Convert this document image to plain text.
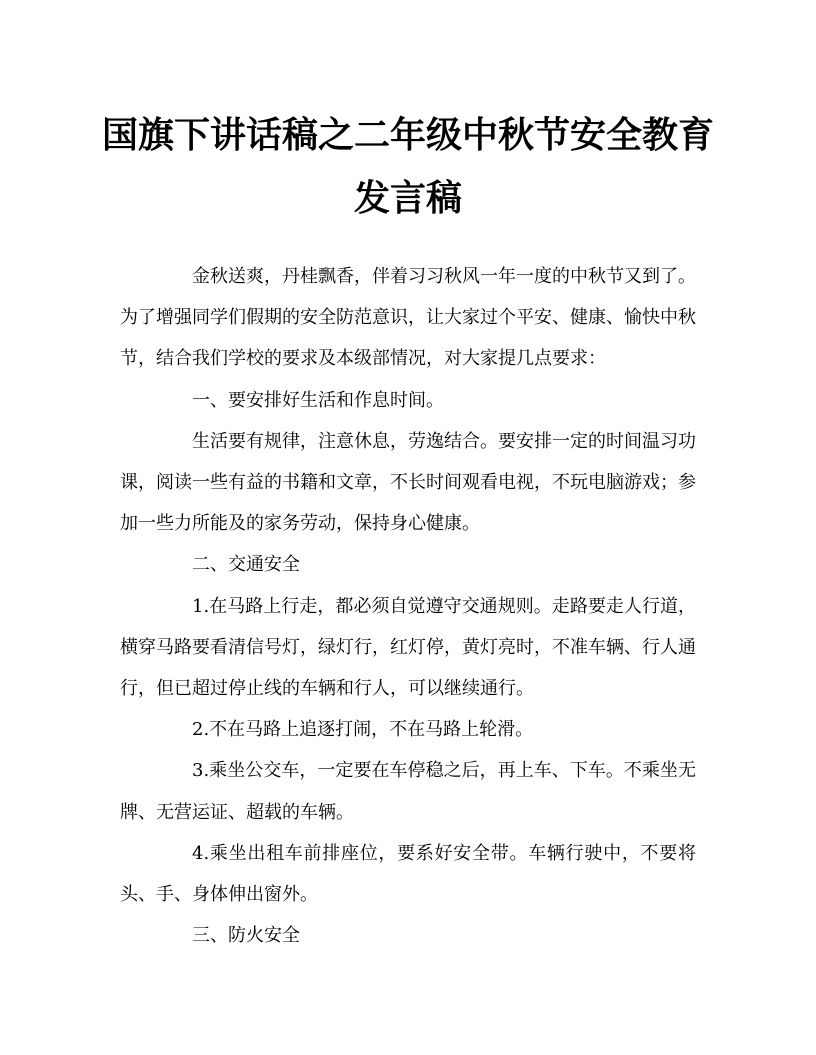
国旗下讲话稿之二年级中秋节安全教育发言稿

金秋送爽，丹桂飘香，伴着习习秋风一年一度的中秋节又到了。为了增强同学们假期的安全防范意识，让大家过个平安、健康、愉快中秋节，结合我们学校的要求及本级部情况，对大家提几点要求：

一、要安排好生活和作息时间。

生活要有规律，注意休息，劳逸结合。要安排一定的时间温习功课，阅读一些有益的书籍和文章，不长时间观看电视，不玩电脑游戏；参加一些力所能及的家务劳动，保持身心健康。

二、交通安全

1.在马路上行走，都必须自觉遵守交通规则。走路要走人行道，横穿马路要看清信号灯，绿灯行，红灯停，黄灯亮时，不准车辆、行人通行，但已超过停止线的车辆和行人，可以继续通行。

2.不在马路上追逐打闹，不在马路上轮滑。

3.乘坐公交车，一定要在车停稳之后，再上车、下车。不乘坐无牌、无营运证、超载的车辆。

4.乘坐出租车前排座位，要系好安全带。车辆行驶中，不要将头、手、身体伸出窗外。

三、防火安全
